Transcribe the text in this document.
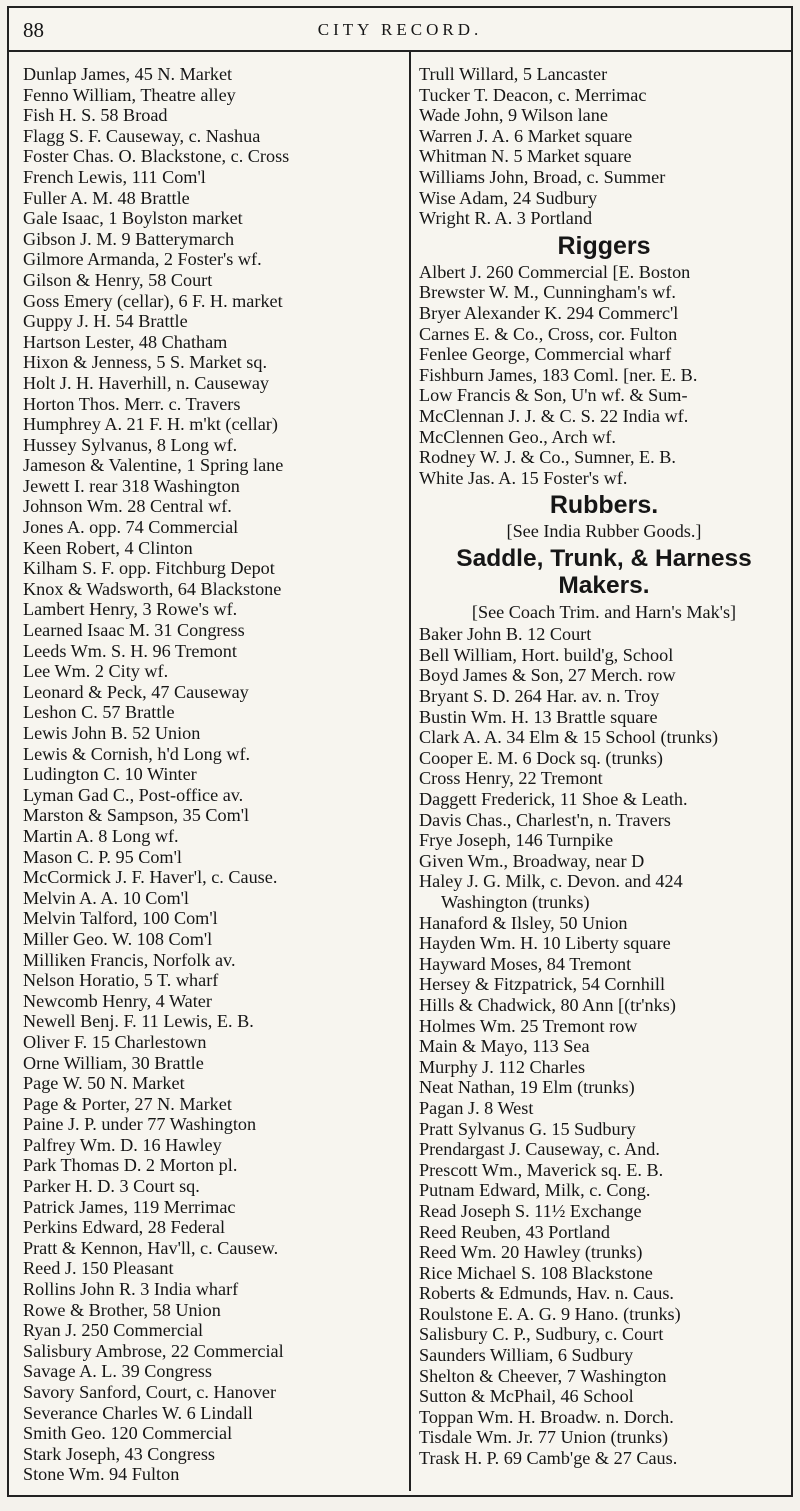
88	CITY RECORD.
Dunlap James, 45 N. Market
Fenno William, Theatre alley
Fish H. S. 58 Broad
Flagg S. F. Causeway, c. Nashua
Foster Chas. O. Blackstone, c. Cross
French Lewis, 111 Com'l
Fuller A. M. 48 Brattle
Gale Isaac, 1 Boylston market
Gibson J. M. 9 Batterymarch
Gilmore Armanda, 2 Foster's wf.
Gilson & Henry, 58 Court
Goss Emery (cellar), 6 F. H. market
Guppy J. H. 54 Brattle
Hartson Lester, 48 Chatham
Hixon & Jenness, 5 S. Market sq.
Holt J. H. Haverhill, n. Causeway
Horton Thos. Merr. c. Travers
Humphrey A. 21 F. H. m'kt (cellar)
Hussey Sylvanus, 8 Long wf.
Jameson & Valentine, 1 Spring lane
Jewett I. rear 318 Washington
Johnson Wm. 28 Central wf.
Jones A. opp. 74 Commercial
Keen Robert, 4 Clinton
Kilham S. F. opp. Fitchburg Depot
Knox & Wadsworth, 64 Blackstone
Lambert Henry, 3 Rowe's wf.
Learned Isaac M. 31 Congress
Leeds Wm. S. H. 96 Tremont
Lee Wm. 2 City wf.
Leonard & Peck, 47 Causeway
Leshon C. 57 Brattle
Lewis John B. 52 Union
Lewis & Cornish, h'd Long wf.
Ludington C. 10 Winter
Lyman Gad C., Post-office av.
Marston & Sampson, 35 Com'l
Martin A. 8 Long wf.
Mason C. P. 95 Com'l
McCormick J. F. Haver'l, c. Cause.
Melvin A. A. 10 Com'l
Melvin Talford, 100 Com'l
Miller Geo. W. 108 Com'l
Milliken Francis, Norfolk av.
Nelson Horatio, 5 T. wharf
Newcomb Henry, 4 Water
Newell Benj. F. 11 Lewis, E. B.
Oliver F. 15 Charlestown
Orne William, 30 Brattle
Page W. 50 N. Market
Page & Porter, 27 N. Market
Paine J. P. under 77 Washington
Palfrey Wm. D. 16 Hawley
Park Thomas D. 2 Morton pl.
Parker H. D. 3 Court sq.
Patrick James, 119 Merrimac
Perkins Edward, 28 Federal
Pratt & Kennon, Hav'll, c. Causew.
Reed J. 150 Pleasant
Rollins John R. 3 India wharf
Rowe & Brother, 58 Union
Ryan J. 250 Commercial
Salisbury Ambrose, 22 Commercial
Savage A. L. 39 Congress
Savory Sanford, Court, c. Hanover
Severance Charles W. 6 Lindall
Smith Geo. 120 Commercial
Stark Joseph, 43 Congress
Stone Wm. 94 Fulton
Trull Willard, 5 Lancaster
Tucker T. Deacon, c. Merrimac
Wade John, 9 Wilson lane
Warren J. A. 6 Market square
Whitman N. 5 Market square
Williams John, Broad, c. Summer
Wise Adam, 24 Sudbury
Wright R. A. 3 Portland
Riggers
Albert J. 260 Commercial [E. Boston
Brewster W. M., Cunningham's wf.
Bryer Alexander K. 294 Commerc'l
Carnes E. & Co., Cross, cor. Fulton
Fenlee George, Commercial wharf
Fishburn James, 183 Coml. [ner. E. B.
Low Francis & Son, U'n wf. & Sum-
McClennan J. J. & C. S. 22 India wf.
McClennen Geo., Arch wf.
Rodney W. J. & Co., Sumner, E. B.
White Jas. A. 15 Foster's wf.
Rubbers.
[See India Rubber Goods.]
Saddle, Trunk, & Harness
Makers.
[See Coach Trim. and Harn's Mak's]
Baker John B. 12 Court
Bell William, Hort. build'g, School
Boyd James & Son, 27 Merch. row
Bryant S. D. 264 Har. av. n. Troy
Bustin Wm. H. 13 Brattle square
Clark A. A. 34 Elm & 15 School (trunks)
Cooper E. M. 6 Dock sq. (trunks)
Cross Henry, 22 Tremont
Daggett Frederick, 11 Shoe & Leath.
Davis Chas., Charlest'n, n. Travers
Frye Joseph, 146 Turnpike
Given Wm., Broadway, near D
Haley J. G. Milk, c. Devon. and 424
Washington (trunks)
Hanaford & Ilsley, 50 Union
Hayden Wm. H. 10 Liberty square
Hayward Moses, 84 Tremont
Hersey & Fitzpatrick, 54 Cornhill
Hills & Chadwick, 80 Ann [(tr'nks)
Holmes Wm. 25 Tremont row
Main & Mayo, 113 Sea
Murphy J. 112 Charles
Neat Nathan, 19 Elm (trunks)
Pagan J. 8 West
Pratt Sylvanus G. 15 Sudbury
Prendargast J. Causeway, c. And.
Prescott Wm., Maverick sq. E. B.
Putnam Edward, Milk, c. Cong.
Read Joseph S. 11½ Exchange
Reed Reuben, 43 Portland
Reed Wm. 20 Hawley (trunks)
Rice Michael S. 108 Blackstone
Roberts & Edmunds, Hav. n. Caus.
Roulstone E. A. G. 9 Hano. (trunks)
Salisbury C. P., Sudbury, c. Court
Saunders William, 6 Sudbury
Shelton & Cheever, 7 Washington
Sutton & McPhail, 46 School
Toppan Wm. H. Broadw. n. Dorch.
Tisdale Wm. Jr. 77 Union (trunks)
Trask H. P. 69 Camb'ge & 27 Caus.
